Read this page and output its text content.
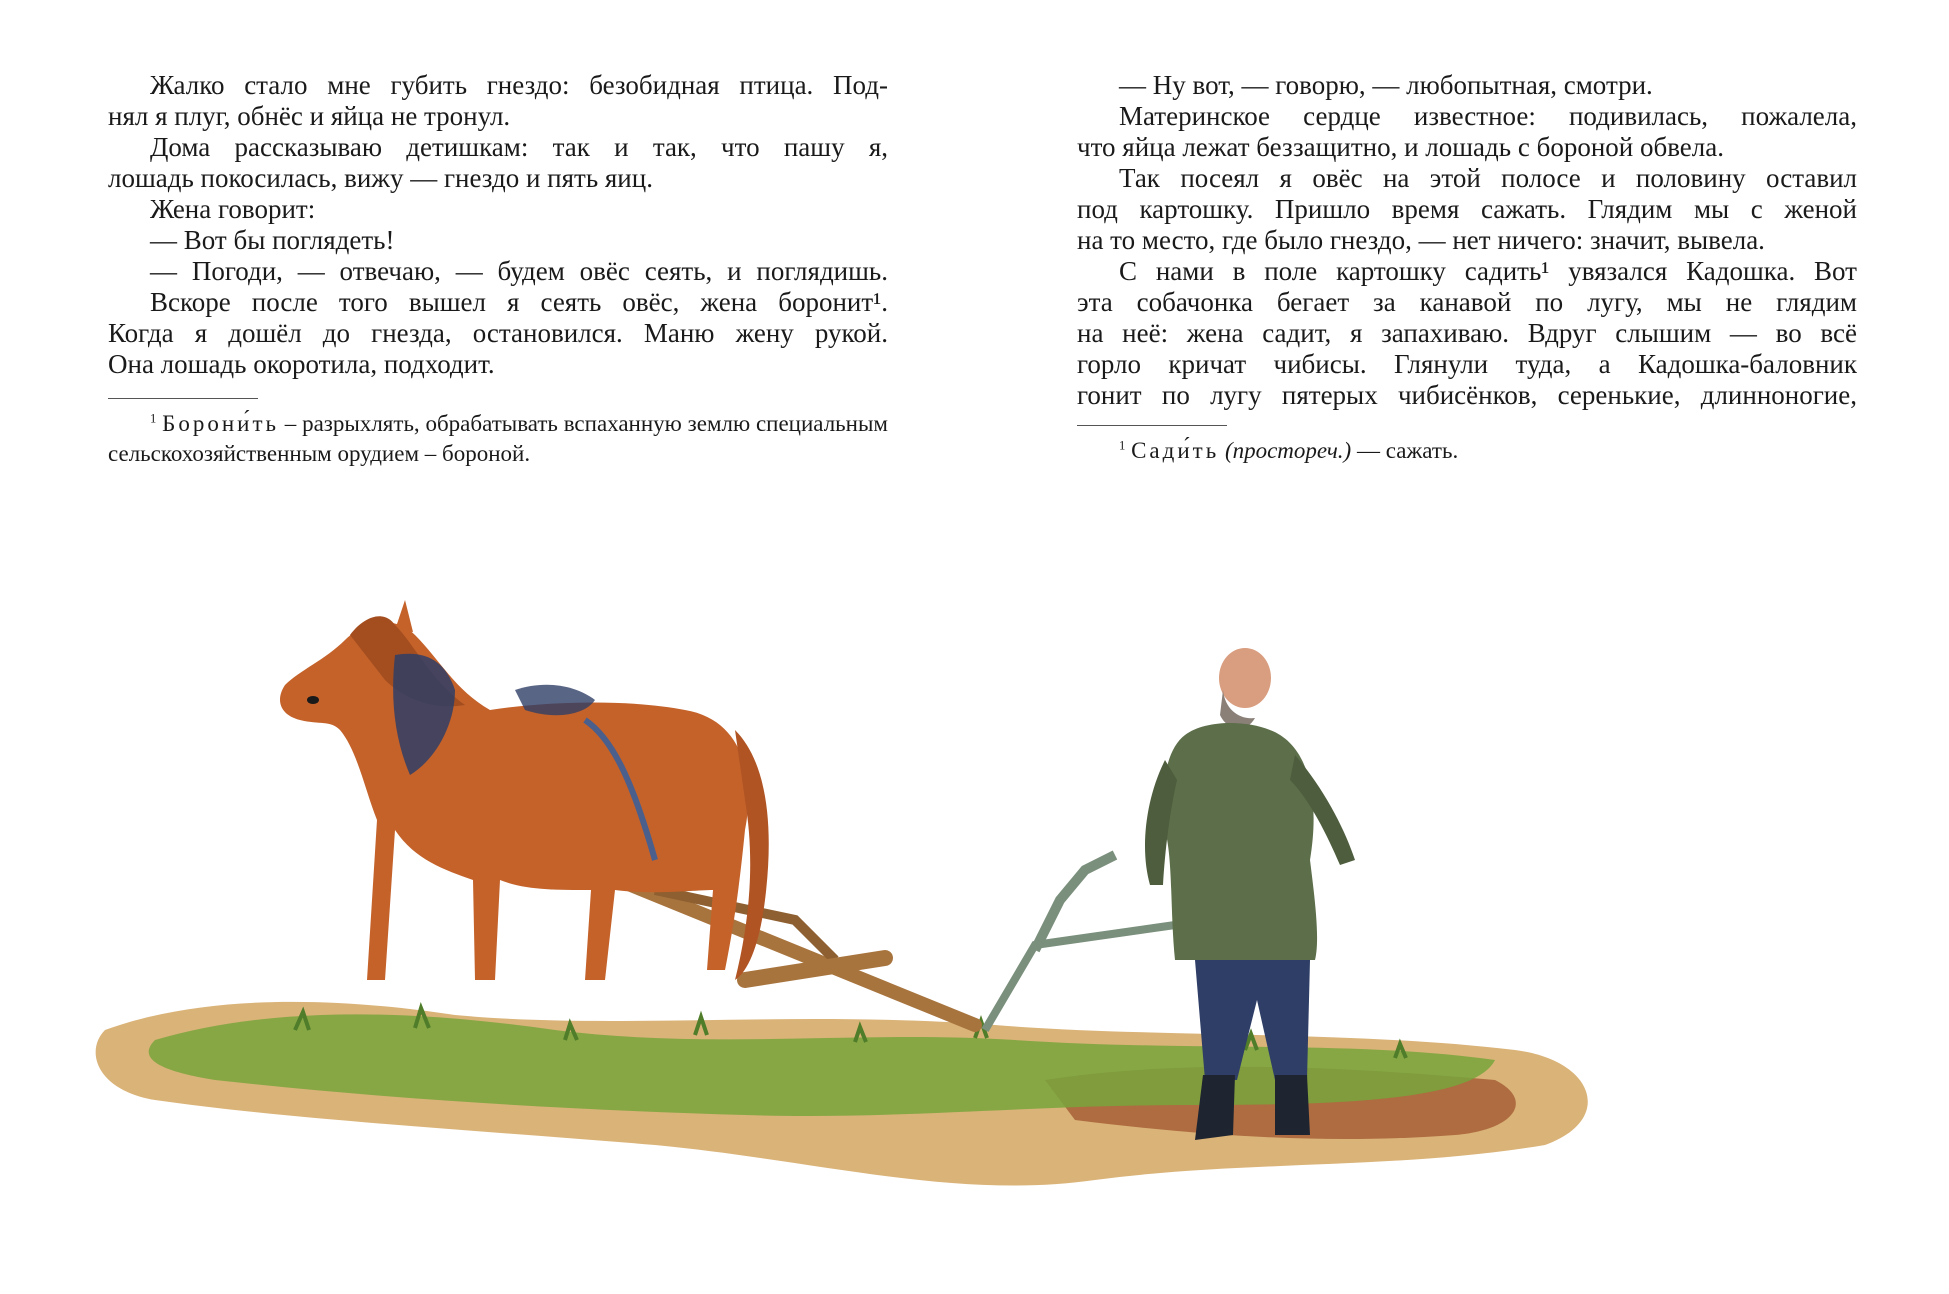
Жалко стало мне губить гнездо: безобидная птица. Под-

нял я плуг, обнёс и яйца не тронул.

Дома рассказываю детишкам: так и так, что пашу я,

лошадь покосилась, вижу — гнездо и пять яиц.

Жена говорит:

— Вот бы поглядеть!

— Погоди, — отвечаю, — будем овёс сеять, и поглядишь.

Вскоре после того вышел я сеять овёс, жена боронит¹.

Когда я дошёл до гнезда, остановился. Маню жену рукой.

Она лошадь окоротила, подходит.

$^1$ Борони́ть – разрыхлять, обрабатывать вспаханную землю специальным сельскохозяйственным орудием – бороной.

— Ну вот, — говорю, — любопытная, смотри.

Материнское сердце известное: подивилась, пожалела,

что яйца лежат беззащитно, и лошадь с бороной обвела.

Так посеял я овёс на этой полосе и половину оставил

под картошку. Пришло время сажать. Глядим мы с женой

на то место, где было гнездо, — нет ничего: значит, вывела.

С нами в поле картошку садить¹ увязался Кадошка. Вот

эта собачонка бегает за канавой по лугу, мы не глядим

на неё: жена садит, я запахиваю. Вдруг слышим — во всё

горло кричат чибисы. Глянули туда, а Кадошка-баловник

гонит по лугу пятерых чибисёнков, серенькие, длинноногие,

$^1$ Сади́ть (простореч.) — сажать.
